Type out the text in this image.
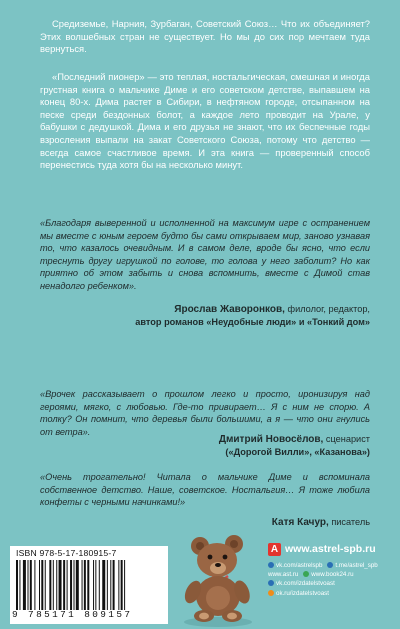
Средиземье, Нарния, Зурбаган, Советский Союз… Что их объединяет? Этих волшебных стран не существует. Но мы до сих пор мечтаем туда вернуться.

«Последний пионер» — это теплая, ностальгическая, смешная и иногда грустная книга о мальчике Диме и его советском детстве, выпавшем на конец 80-х. Дима растет в Сибири, в нефтяном городе, отсыпанном на песке среди бездонных болот, а каждое лето проводит на Урале, у бабушки с дедушкой. Дима и его друзья не знают, что их беспечные годы взросления выпали на закат Советского Союза, потому что детство — всегда самое счастливое время. И эта книга — проверенный способ перенестись туда хотя бы на несколько минут.

«Благодаря выверенной и исполненной на максимум игре с остранением мы вместе с юным героем будто бы сами открываем мир, заново узнавая то, что казалось очевидным. И в самом деле, вроде бы ясно, что если треснуть другу игрушкой по голове, то голова у него заболит? Но как приятно об этом забыть и снова вспомнить, вместе с Димой став ненадолго ребенком».

Ярослав Жаворонков, филолог, редактор,
автор романов «Неудобные люди» и «Тонкий дом»

«Врочек рассказывает о прошлом легко и просто, иронизируя над героями, мягко, с любовью. Где-то привирает… Я с ним не спорю. А толку? Он помнит, что деревья были большими, а я — что они гнулись от ветра».

Дмитрий Новосёлов, сценарист
(«Дорогой Вилли», «Казанова»)

«Очень трогательно! Читала о мальчике Диме и вспоминала собственное детство. Наше, советское. Ностальгия… Я тоже любила конфеты с черными начинками!»

Катя Качур, писатель
ISBN 978-5-17-180915-7
9 785171 809157
A www.astrel-spb.ru
vk.com/astrelspb	t.me/astrel_spb
www.ast.ru	www.book24.ru
vk.com/izdatelstvoast
ok.ru/izdatelstvoast
